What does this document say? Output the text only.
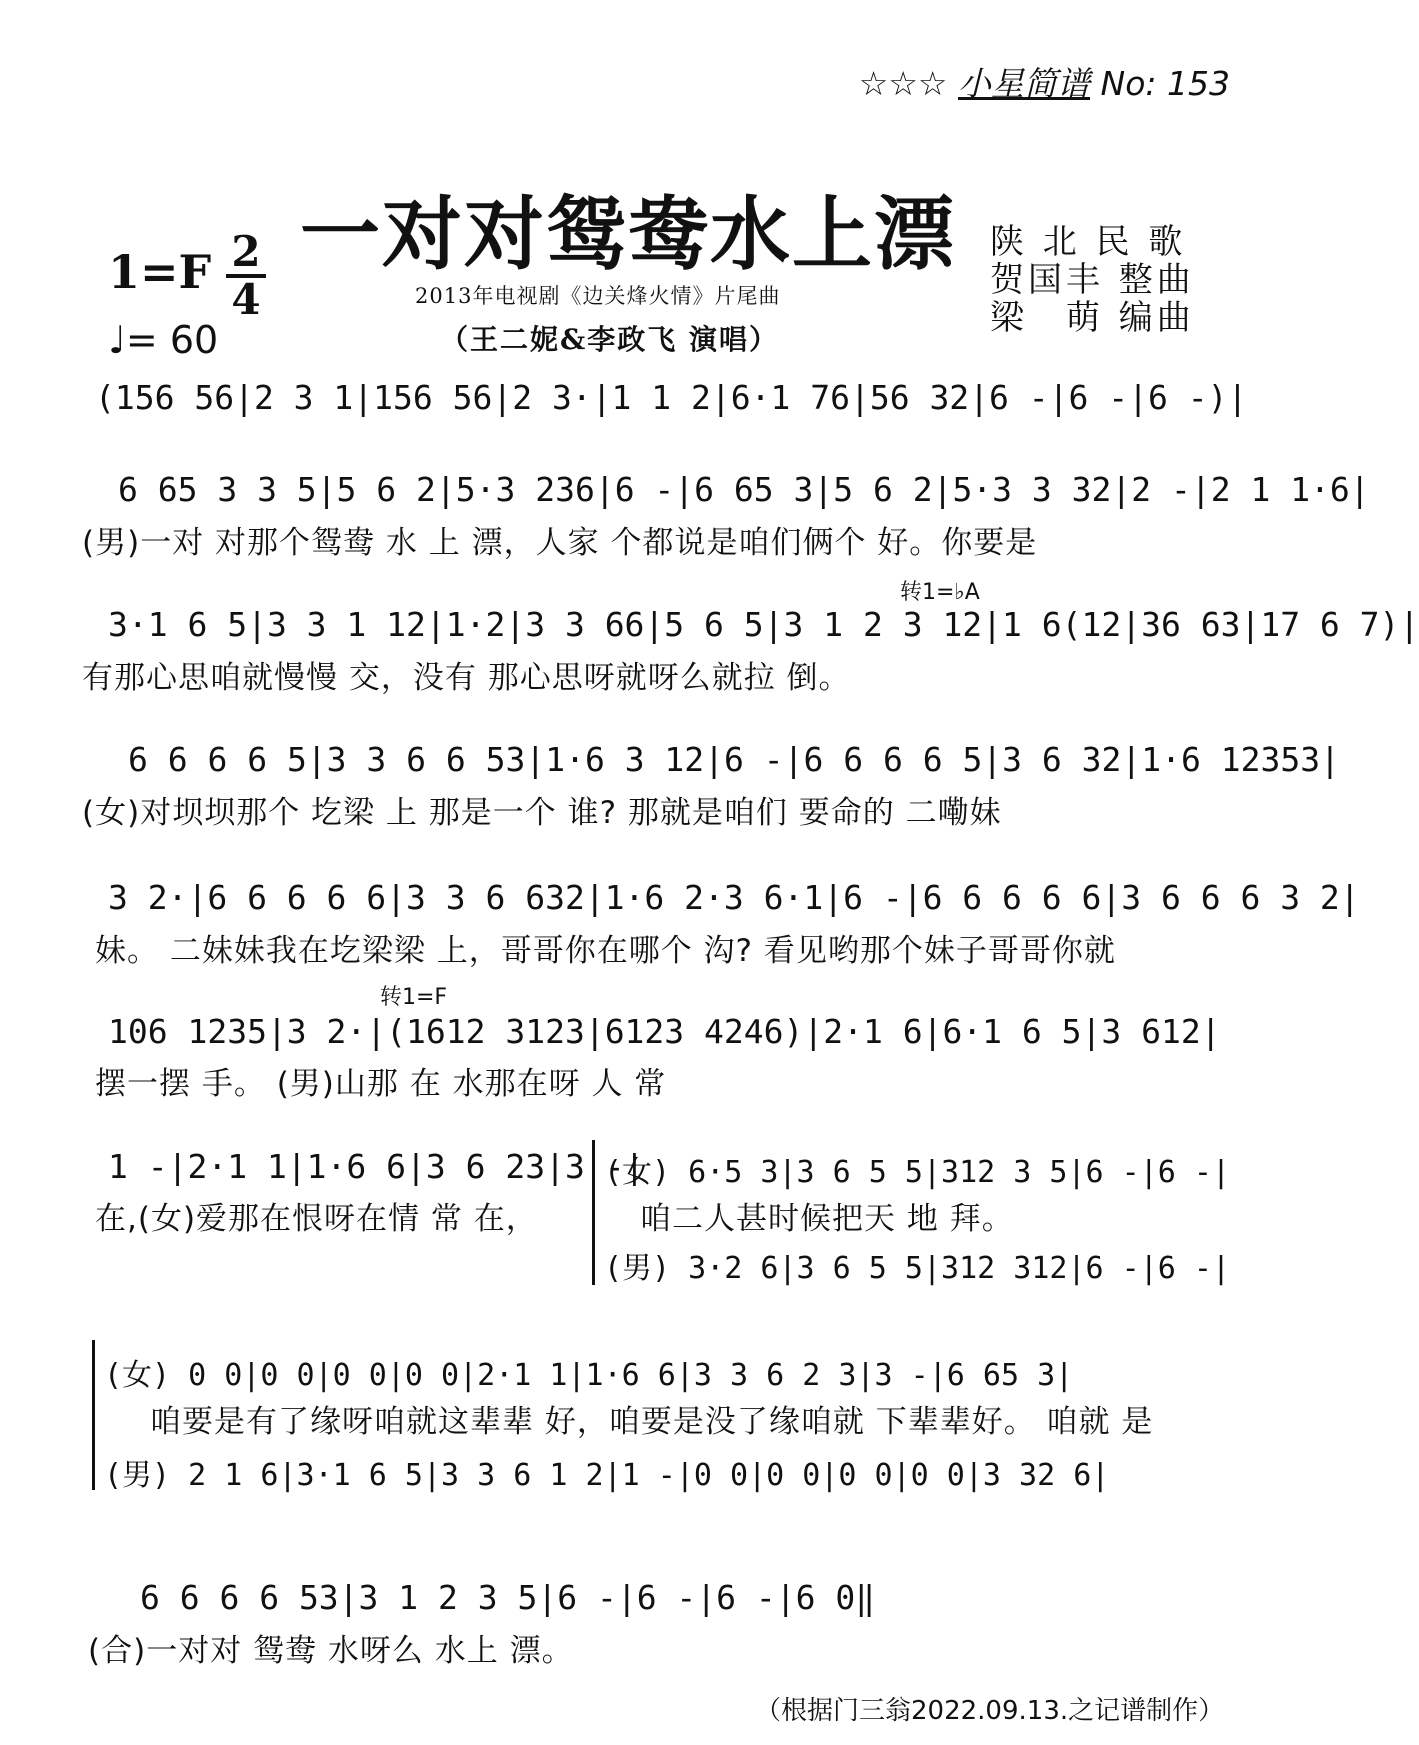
☆☆☆ 小星简谱 No: 153
一对对鸳鸯水上漂
1=F 2
4
♩= 60
2013年电视剧《边关烽火情》片尾曲
（王二妮&李政飞 演唱）
陕 北 民 歌
贺国丰 整曲
梁　萌 编曲
(156 56|2 3 1|156 56|2 3·|1 1 2|6·1 76|56 32|6 -|6 -|6 -)|
6 65 3 3 5|5 6 2|5·3 236|6 -|6 65 3|5 6 2|5·3 3 32|2 -|2 1 1·6|
(男)一对 对那个鸳鸯 水 上 漂，人家 个都说是咱们俩个 好。你要是
转1=♭A
3·1 6 5|3 3 1 12|1·2|3 3 66|5 6 5|3 1 2 3 12|1 6(12|36 63|17 6 7)|
有那心思咱就慢慢 交，没有 那心思呀就呀么就拉 倒。
6 6 6 6 5|3 3 6 6 53|1·6 3 12|6 -|6 6 6 6 5|3 6 32|1·6 12353|
(女)对坝坝那个 圪梁 上 那是一个 谁? 那就是咱们 要命的 二嘞妹
3 2·|6 6 6 6 6|3 3 6 632|1·6 2·3 6·1|6 -|6 6 6 6 6|3 6 6 6 3 2|
妹。 二妹妹我在圪梁梁 上，哥哥你在哪个 沟? 看见哟那个妹子哥哥你就
转1=F
106 1235|3 2·|(1612 3123|6123 4246)|2·1 6|6·1 6 5|3 612|
摆一摆 手。 (男)山那 在 水那在呀 人 常
1 -|2·1 1|1·6 6|3 6 23|3 -|
在,(女)爱那在恨呀在情 常 在，
(女) 6·5 3|3 6 5 5|312 3 5|6 -|6 -|
咱二人甚时候把天 地 拜。
(男) 3·2 6|3 6 5 5|312 312|6 -|6 -|
(女) 0 0|0 0|0 0|0 0|2·1 1|1·6 6|3 3 6 2 3|3 -|6 65 3|
咱要是有了缘呀咱就这辈辈 好，咱要是没了缘咱就 下辈辈好。 咱就 是
(男) 2 1 6|3·1 6 5|3 3 6 1 2|1 -|0 0|0 0|0 0|0 0|3 32 6|
6 6 6 6 53|3 1 2 3 5|6 -|6 -|6 -|6 0‖
(合)一对对 鸳鸯 水呀么 水上 漂。
（根据门三翁2022.09.13.之记谱制作）
